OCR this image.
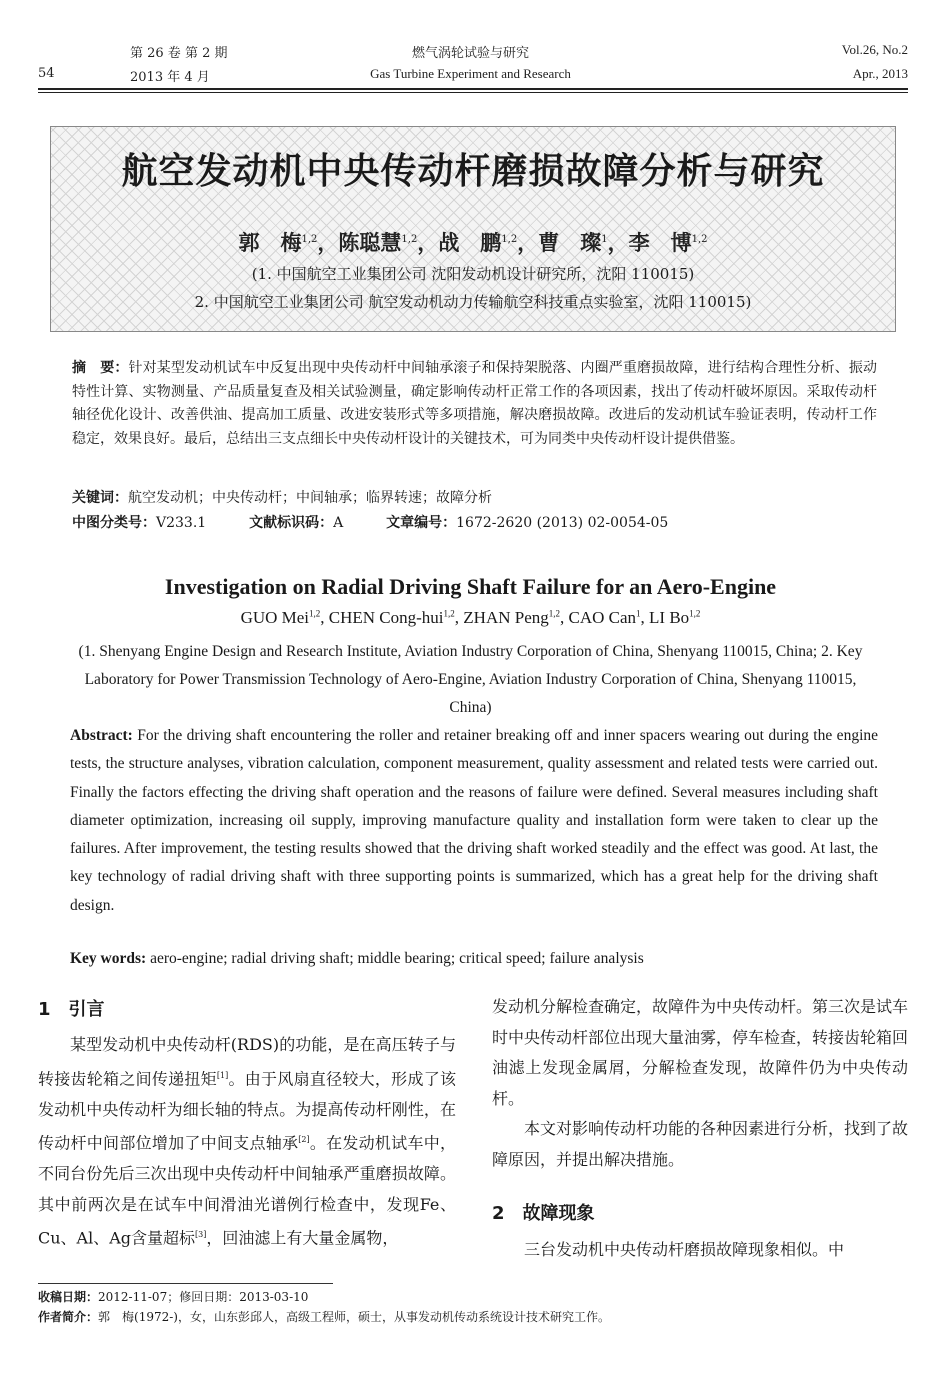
54
第 26 卷 第 2 期
2013 年 4 月
燃气涡轮试验与研究
Gas Turbine Experiment and Research
Vol.26, No.2
Apr., 2013
航空发动机中央传动杆磨损故障分析与研究
郭　梅$^{1,2}$，陈聪慧$^{1,2}$，战　鹏$^{1,2}$，曹　璨$^1$，李　博$^{1,2}$
(1. 中国航空工业集团公司 沈阳发动机设计研究所，沈阳 110015)
2. 中国航空工业集团公司 航空发动机动力传输航空科技重点实验室，沈阳 110015)
摘　要：针对某型发动机试车中反复出现中央传动杆中间轴承滚子和保持架脱落、内圈严重磨损故障，进行结构合理性分析、振动特性计算、实物测量、产品质量复查及相关试验测量，确定影响传动杆正常工作的各项因素，找出了传动杆破坏原因。采取传动杆轴径优化设计、改善供油、提高加工质量、改进安装形式等多项措施，解决磨损故障。改进后的发动机试车验证表明，传动杆工作稳定，效果良好。最后，总结出三支点细长中央传动杆设计的关键技术，可为同类中央传动杆设计提供借鉴。
关键词：航空发动机；中央传动杆；中间轴承；临界转速；故障分析
中图分类号：V233.1	文献标识码：A	文章编号：1672-2620 (2013) 02-0054-05
Investigation on Radial Driving Shaft Failure for an Aero-Engine
GUO Mei$^{1,2}$, CHEN Cong-hui$^{1,2}$, ZHAN Peng$^{1,2}$, CAO Can$^1$, LI Bo$^{1,2}$
(1. Shenyang Engine Design and Research Institute, Aviation Industry Corporation of China, Shenyang 110015, China; 2. Key Laboratory for Power Transmission Technology of Aero-Engine, Aviation Industry Corporation of China, Shenyang 110015, China)
Abstract: For the driving shaft encountering the roller and retainer breaking off and inner spacers wearing out during the engine tests, the structure analyses, vibration calculation, component measurement, quality assessment and related tests were carried out. Finally the factors effecting the driving shaft operation and the reasons of failure were defined. Several measures including shaft diameter optimization, increasing oil supply, improving manufacture quality and installation form were taken to clear up the failures. After improvement, the testing results showed that the driving shaft worked steadily and the effect was good. At last, the key technology of radial driving shaft with three supporting points is summarized, which has a great help for the driving shaft design.
Key words: aero-engine; radial driving shaft; middle bearing; critical speed; failure analysis
1　引言

某型发动机中央传动杆(RDS)的功能，是在高压转子与转接齿轮箱之间传递扭矩[1]。由于风扇直径较大，形成了该发动机中央传动杆为细长轴的特点。为提高传动杆刚性，在传动杆中间部位增加了中间支点轴承[2]。在发动机试车中，不同台份先后三次出现中央传动杆中间轴承严重磨损故障。其中前两次是在试车中间滑油光谱例行检查中，发现Fe、Cu、Al、Ag含量超标[3]，回油滤上有大量金属物，

发动机分解检查确定，故障件为中央传动杆。第三次是试车时中央传动杆部位出现大量油雾，停车检查，转接齿轮箱回油滤上发现金属屑，分解检查发现，故障件仍为中央传动杆。

本文对影响传动杆功能的各种因素进行分析，找到了故障原因，并提出解决措施。

2　故障现象

三台发动机中央传动杆磨损故障现象相似。中

收稿日期：2012-11-07；修回日期：2013-03-10
作者简介：郭　梅(1972-)，女，山东彭邱人，高级工程师，硕士，从事发动机传动系统设计技术研究工作。
